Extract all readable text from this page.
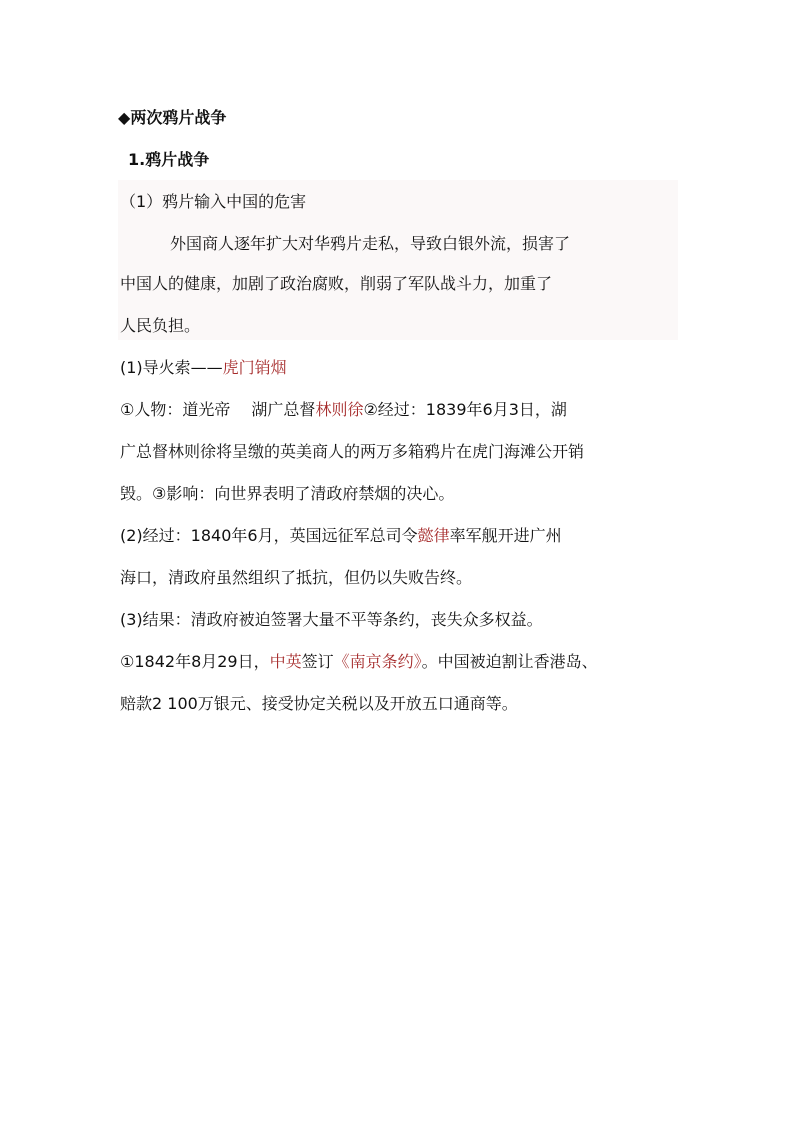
◆两次鸦片战争
1.鸦片战争
（1）鸦片输入中国的危害
外国商人逐年扩大对华鸦片走私，导致白银外流，损害了
中国人的健康，加剧了政治腐败，削弱了军队战斗力，加重了
人民负担。
(1)导火索——虎门销烟
①人物：道光帝　 湖广总督林则徐②经过：1839年6月3日，湖
广总督林则徐将呈缴的英美商人的两万多箱鸦片在虎门海滩公开销
毁。③影响：向世界表明了清政府禁烟的决心。
(2)经过：1840年6月，英国远征军总司令懿律率军舰开进广州
海口，清政府虽然组织了抵抗，但仍以失败告终。
(3)结果：清政府被迫签署大量不平等条约，丧失众多权益。
①1842年8月29日，中英签订《南京条约》。中国被迫割让香港岛、
赔款2 100万银元、接受协定关税以及开放五口通商等。
